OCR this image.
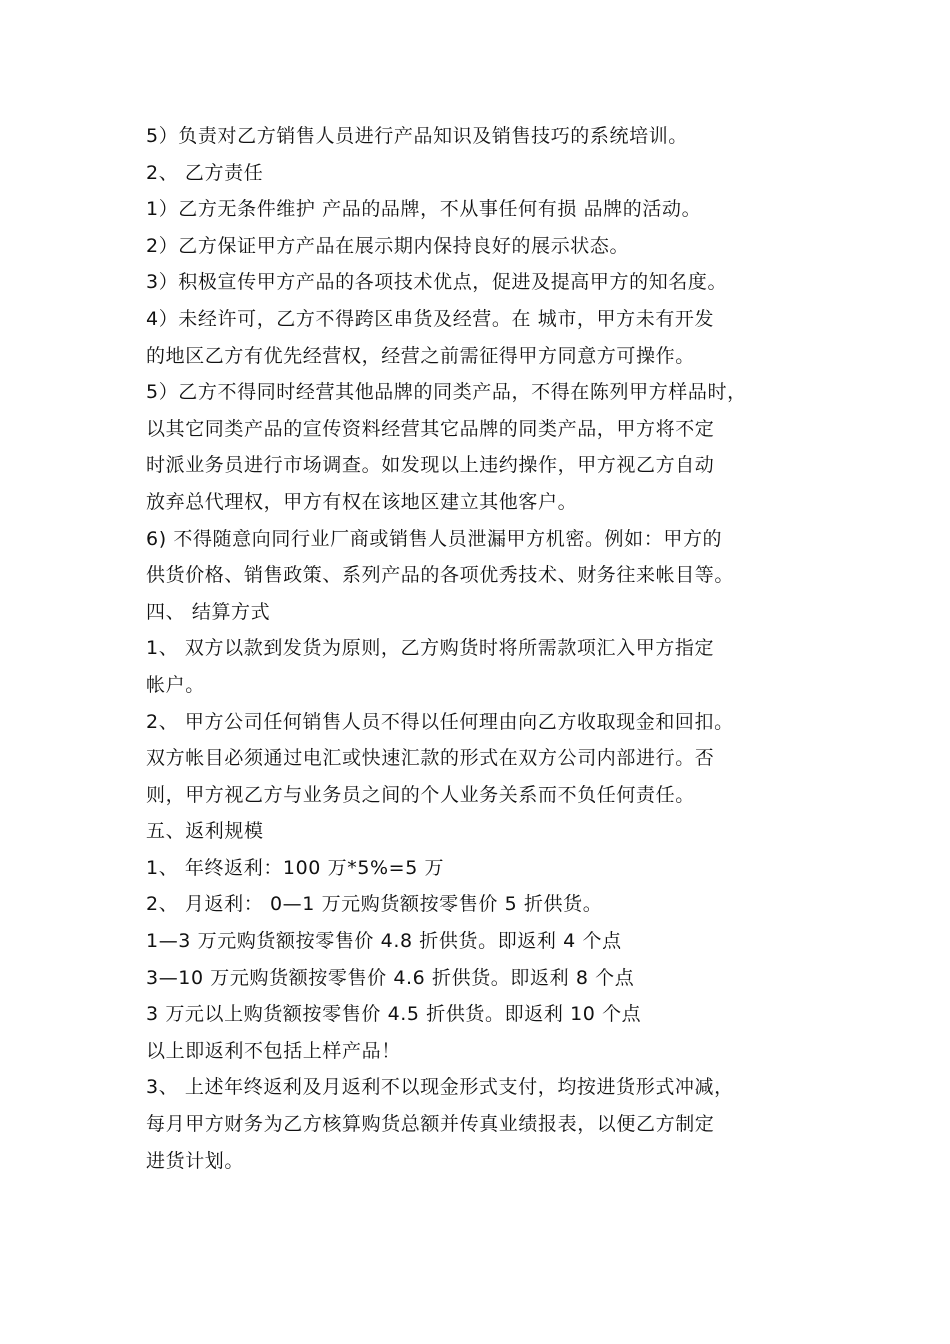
5）负责对乙方销售人员进行产品知识及销售技巧的系统培训。
2、 乙方责任
1）乙方无条件维护 产品的品牌，不从事任何有损 品牌的活动。
2）乙方保证甲方产品在展示期内保持良好的展示状态。
3）积极宣传甲方产品的各项技术优点，促进及提高甲方的知名度。
4）未经许可，乙方不得跨区串货及经营。在 城市，甲方未有开发
的地区乙方有优先经营权，经营之前需征得甲方同意方可操作。
5）乙方不得同时经营其他品牌的同类产品，不得在陈列甲方样品时，
以其它同类产品的宣传资料经营其它品牌的同类产品，甲方将不定
时派业务员进行市场调查。如发现以上违约操作，甲方视乙方自动
放弃总代理权，甲方有权在该地区建立其他客户。
6) 不得随意向同行业厂商或销售人员泄漏甲方机密。例如：甲方的
供货价格、销售政策、系列产品的各项优秀技术、财务往来帐目等。
四、 结算方式
1、 双方以款到发货为原则，乙方购货时将所需款项汇入甲方指定
帐户。
2、 甲方公司任何销售人员不得以任何理由向乙方收取现金和回扣。
双方帐目必须通过电汇或快速汇款的形式在双方公司内部进行。否
则，甲方视乙方与业务员之间的个人业务关系而不负任何责任。
五、返利规模
1、 年终返利：100 万*5%=5 万
2、 月返利： 0—1 万元购货额按零售价 5 折供货。
1—3 万元购货额按零售价 4.8 折供货。即返利 4 个点
3—10 万元购货额按零售价 4.6 折供货。即返利 8 个点
3 万元以上购货额按零售价 4.5 折供货。即返利 10 个点
以上即返利不包括上样产品！
3、 上述年终返利及月返利不以现金形式支付，均按进货形式冲减，
每月甲方财务为乙方核算购货总额并传真业绩报表，以便乙方制定
进货计划。
